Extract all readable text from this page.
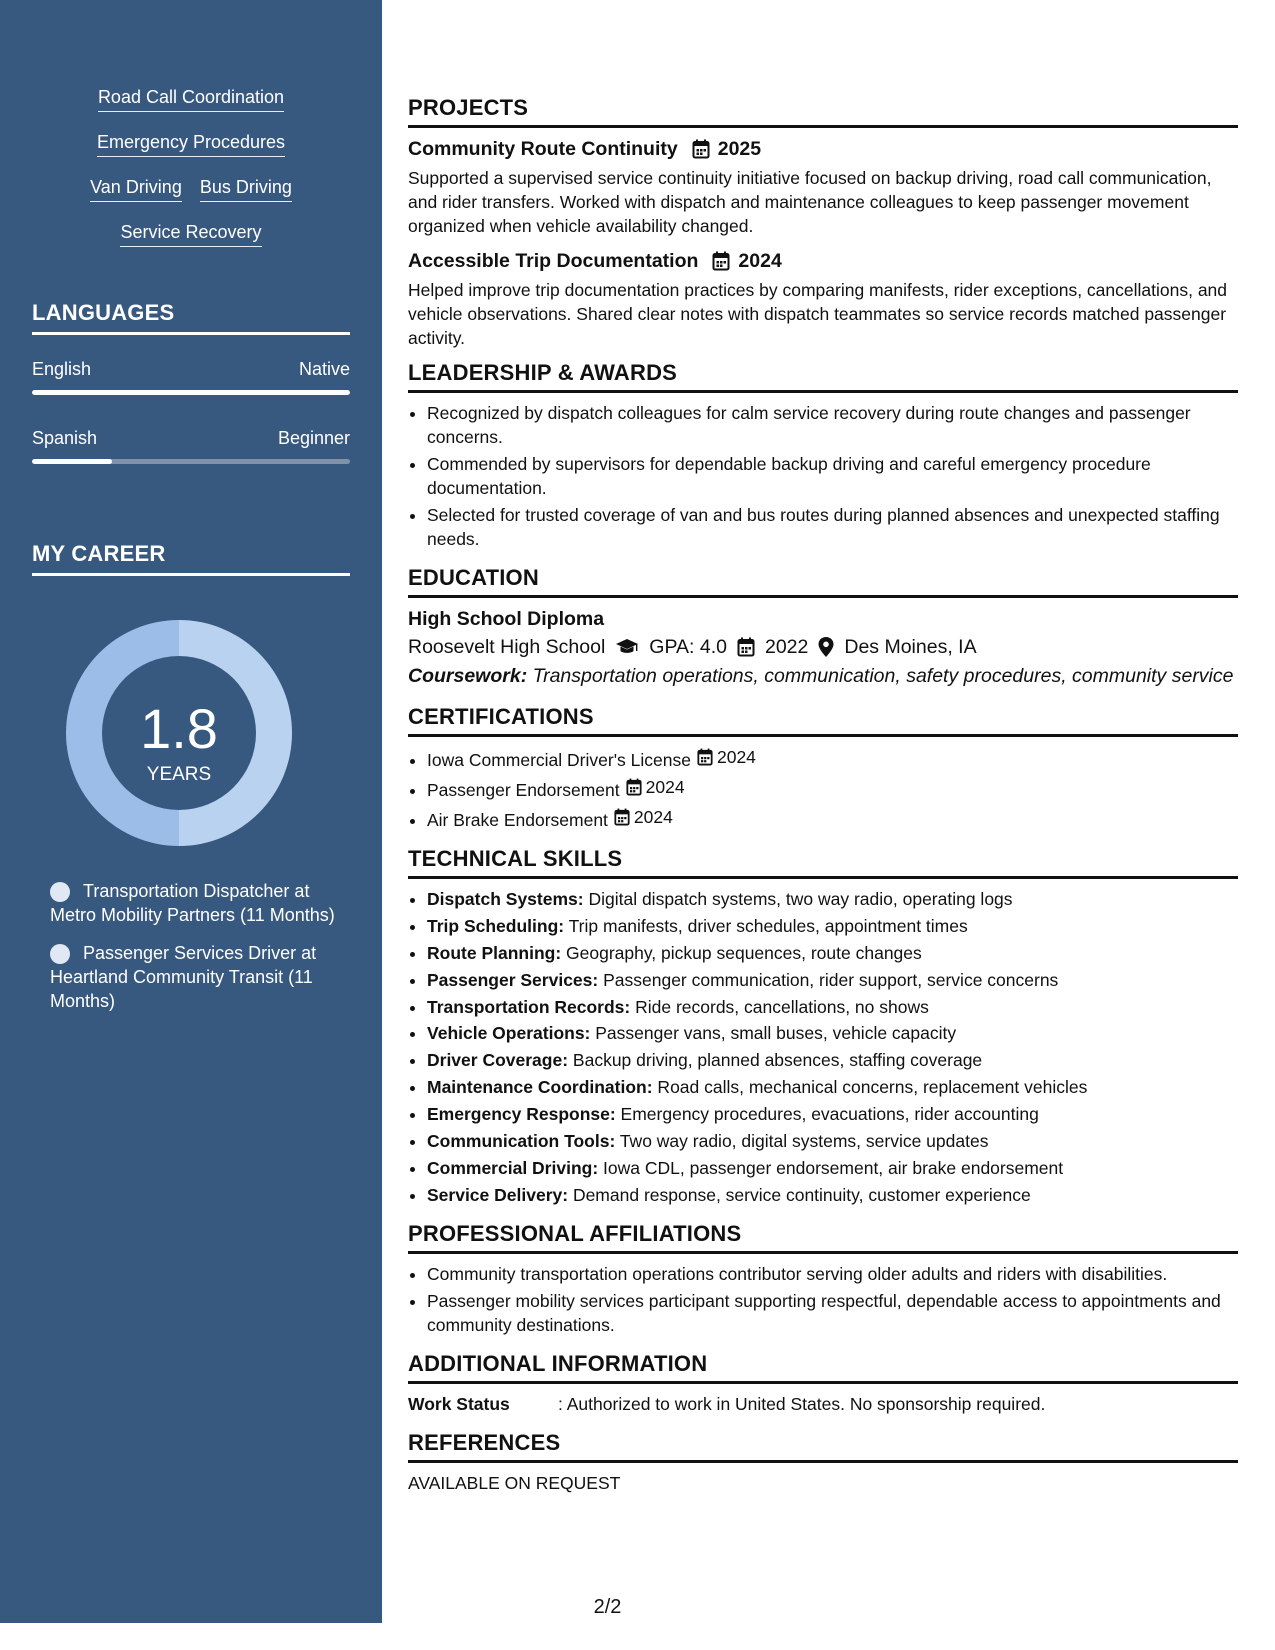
Road Call Coordination
Emergency Procedures
Van Driving Bus Driving
Service Recovery
LANGUAGES
English	Native
Spanish	Beginner
MY CAREER
1.8
YEARS
Transportation Dispatcher at Metro Mobility Partners (11 Months)
Passenger Services Driver at Heartland Community Transit (11 Months)
PROJECTS
Community Route Continuity 2025

Supported a supervised service continuity initiative focused on backup driving, road call communication, and rider transfers. Worked with dispatch and maintenance colleagues to keep passenger movement organized when vehicle availability changed.

Accessible Trip Documentation 2024

Helped improve trip documentation practices by comparing manifests, rider exceptions, cancellations, and vehicle observations. Shared clear notes with dispatch teammates so service records matched passenger activity.

LEADERSHIP & AWARDS
• Recognized by dispatch colleagues for calm service recovery during route changes and passenger concerns.
• Commended by supervisors for dependable backup driving and careful emergency procedure documentation.
• Selected for trusted coverage of van and bus routes during planned absences and unexpected staffing needs.
EDUCATION
High School Diploma
Roosevelt High School GPA: 4.0 2022 Des Moines, IA

Coursework: Transportation operations, communication, safety procedures, community service

CERTIFICATIONS
• Iowa Commercial Driver's License 2024
• Passenger Endorsement 2024
• Air Brake Endorsement 2024
TECHNICAL SKILLS
• Dispatch Systems: Digital dispatch systems, two way radio, operating logs
• Trip Scheduling: Trip manifests, driver schedules, appointment times
• Route Planning: Geography, pickup sequences, route changes
• Passenger Services: Passenger communication, rider support, service concerns
• Transportation Records: Ride records, cancellations, no shows
• Vehicle Operations: Passenger vans, small buses, vehicle capacity
• Driver Coverage: Backup driving, planned absences, staffing coverage
• Maintenance Coordination: Road calls, mechanical concerns, replacement vehicles
• Emergency Response: Emergency procedures, evacuations, rider accounting
• Communication Tools: Two way radio, digital systems, service updates
• Commercial Driving: Iowa CDL, passenger endorsement, air brake endorsement
• Service Delivery: Demand response, service continuity, customer experience
PROFESSIONAL AFFILIATIONS
• Community transportation operations contributor serving older adults and riders with disabilities.
• Passenger mobility services participant supporting respectful, dependable access to appointments and community destinations.
ADDITIONAL INFORMATION
Work Status	: Authorized to work in United States. No sponsorship required.
REFERENCES
AVAILABLE ON REQUEST
2/2
